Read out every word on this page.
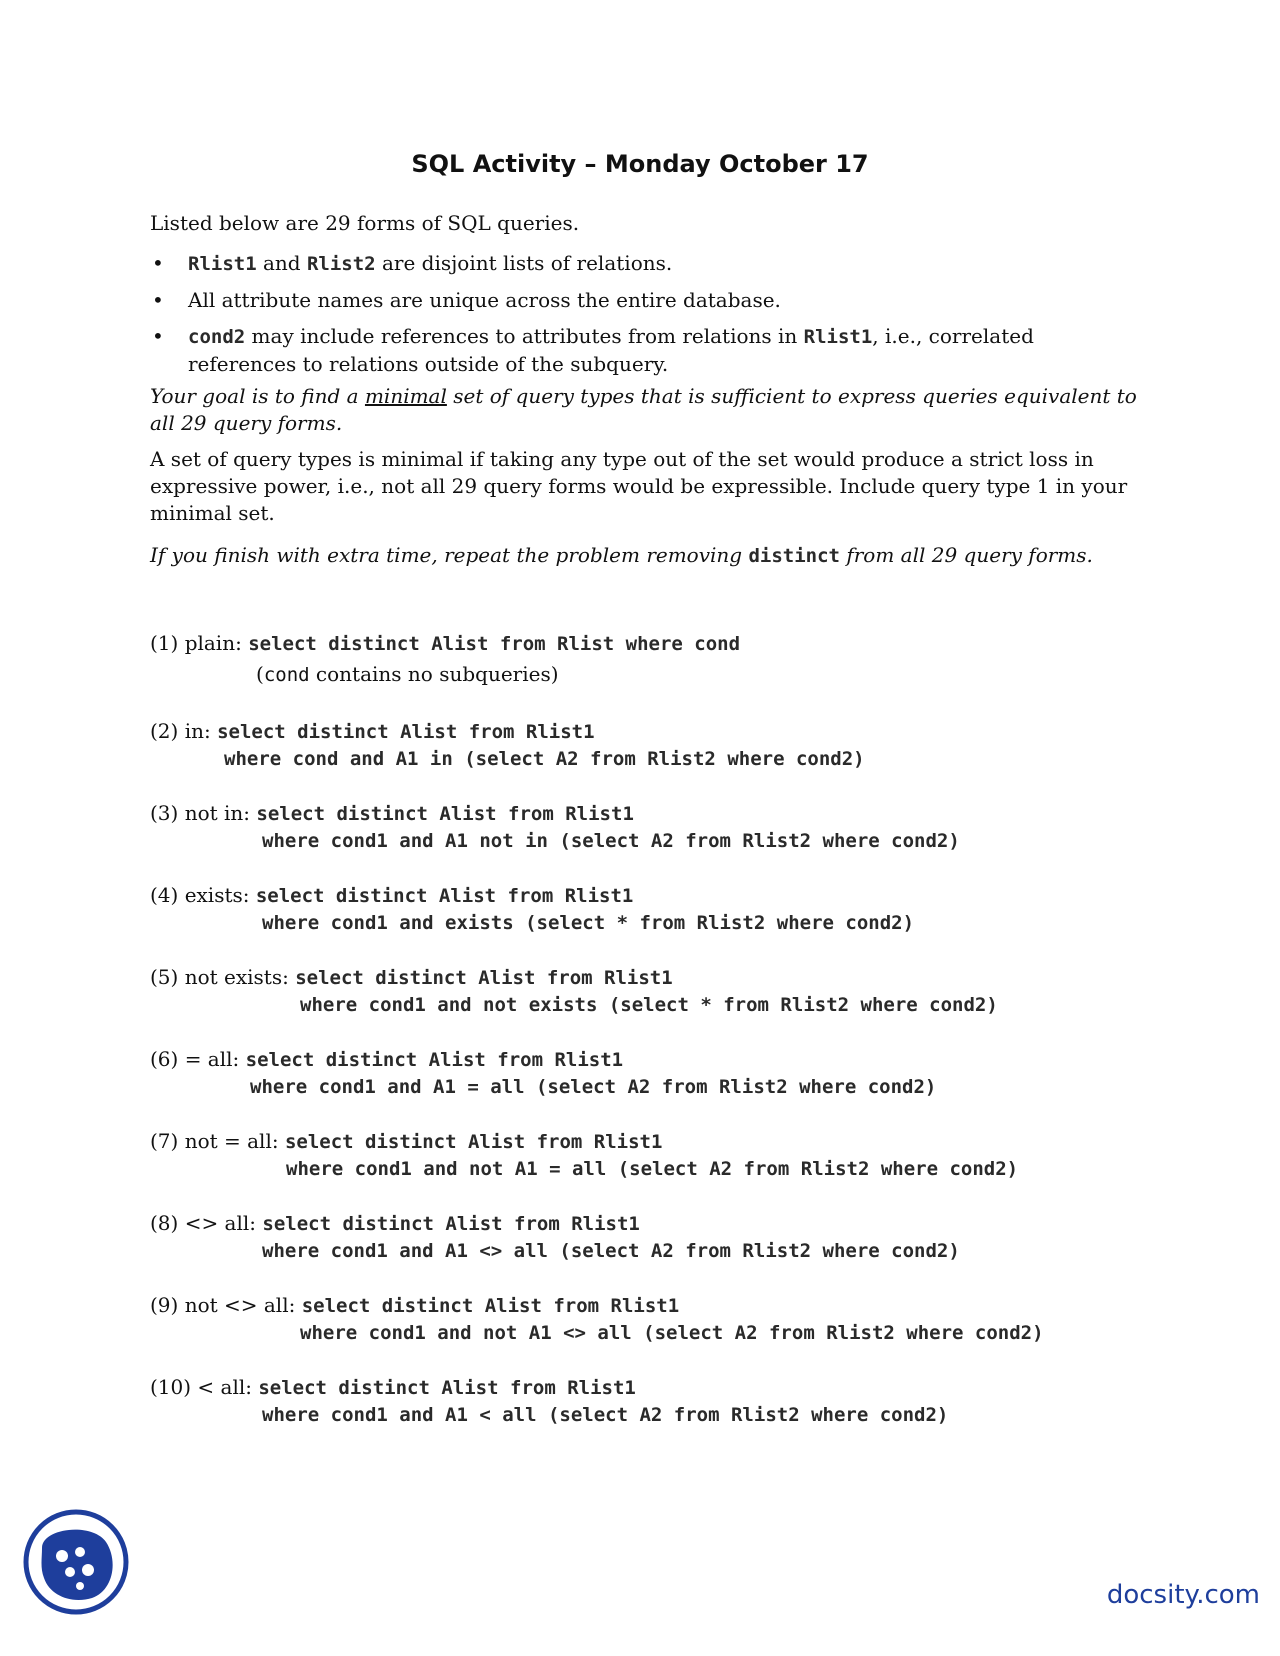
SQL Activity – Monday October 17
Listed below are 29 forms of SQL queries.
• Rlist1 and Rlist2 are disjoint lists of relations.
• All attribute names are unique across the entire database.
• cond2 may include references to attributes from relations in Rlist1, i.e., correlated references to relations outside of the subquery.
Your goal is to find a minimal set of query types that is sufficient to express queries equivalent to all 29 query forms.
A set of query types is minimal if taking any type out of the set would produce a strict loss in expressive power, i.e., not all 29 query forms would be expressible. Include query type 1 in your minimal set.
If you finish with extra time, repeat the problem removing distinct from all 29 query forms.
(1) plain: select distinct Alist from Rlist where cond
(cond contains no subqueries)
(2) in: select distinct Alist from Rlist1
where cond and A1 in (select A2 from Rlist2 where cond2)
(3) not in: select distinct Alist from Rlist1
where cond1 and A1 not in (select A2 from Rlist2 where cond2)
(4) exists: select distinct Alist from Rlist1
where cond1 and exists (select * from Rlist2 where cond2)
(5) not exists: select distinct Alist from Rlist1
where cond1 and not exists (select * from Rlist2 where cond2)
(6) = all: select distinct Alist from Rlist1
where cond1 and A1 = all (select A2 from Rlist2 where cond2)
(7) not = all: select distinct Alist from Rlist1
where cond1 and not A1 = all (select A2 from Rlist2 where cond2)
(8) <> all: select distinct Alist from Rlist1
where cond1 and A1 <> all (select A2 from Rlist2 where cond2)
(9) not <> all: select distinct Alist from Rlist1
where cond1 and not A1 <> all (select A2 from Rlist2 where cond2)
(10) < all: select distinct Alist from Rlist1
where cond1 and A1 < all (select A2 from Rlist2 where cond2)
docsity.com
